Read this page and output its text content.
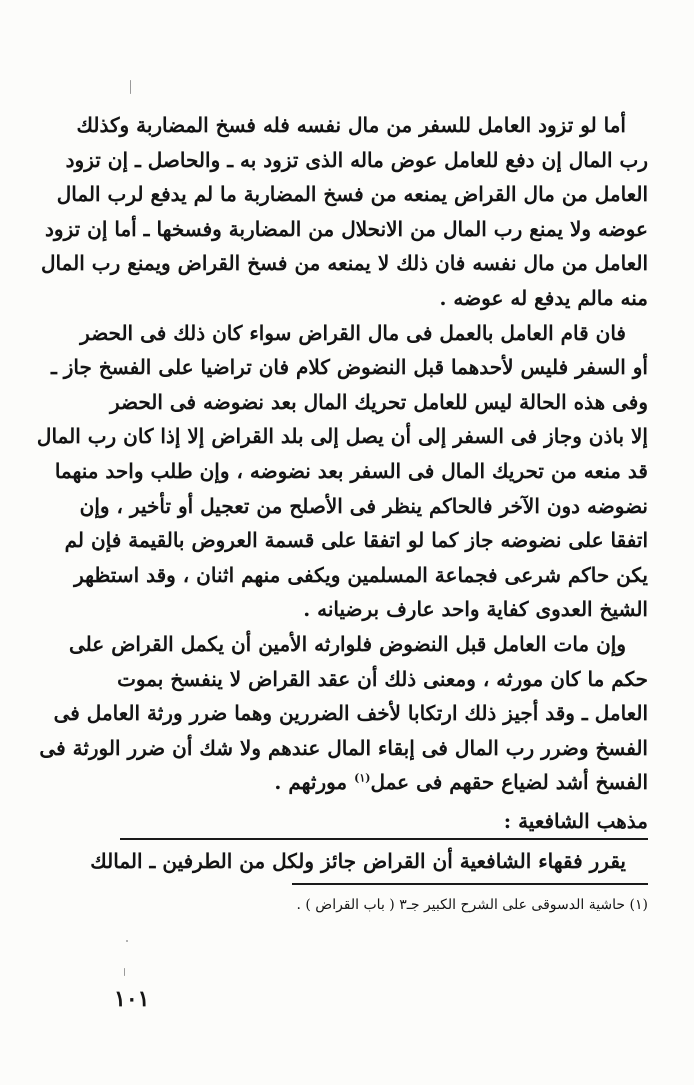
أما لو تزود العامل للسفر من مال نفسه فله فسخ المضاربة وكذلك
رب المال إن دفع للعامل عوض ماله الذى تزود به ـ والحاصل ـ إن تزود
العامل من مال القراض يمنعه من فسخ المضاربة ما لم يدفع لرب المال
عوضه ولا يمنع رب المال من الانحلال من المضاربة وفسخها ـ أما إن تزود
العامل من مال نفسه فان ذلك لا يمنعه من فسخ القراض ويمنع رب المال
منه مالم يدفع له عوضه .
فان قام العامل بالعمل فى مال القراض سواء كان ذلك فى الحضر
أو السفر فليس لأحدهما قبل النضوض كلام فان تراضيا على الفسخ جاز ـ
وفى هذه الحالة ليس للعامل تحريك المال بعد نضوضه فى الحضر
إلا باذن وجاز فى السفر إلى أن يصل إلى بلد القراض إلا إذا كان رب المال
قد منعه من تحريك المال فى السفر بعد نضوضه ، وإن طلب واحد منهما
نضوضه دون الآخر فالحاكم ينظر فى الأصلح من تعجيل أو تأخير ، وإن
اتفقا على نضوضه جاز كما لو اتفقا على قسمة العروض بالقيمة فإن لم
يكن حاكم شرعى فجماعة المسلمين ويكفى منهم اثنان ، وقد استظهر
الشيخ العدوى كفاية واحد عارف برضيانه .
وإن مات العامل قبل النضوض فلوارثه الأمين أن يكمل القراض على
حكم ما كان مورثه ، ومعنى ذلك أن عقد القراض لا ينفسخ بموت
العامل ـ وقد أجيز ذلك ارتكابا لأخف الضررين وهما ضرر ورثة العامل فى
الفسخ وضرر رب المال فى إبقاء المال عندهم ولا شك أن ضرر الورثة فى
الفسخ أشد لضياع حقهم فى عمل$^{(١)}$ مورثهم .
مذهب الشافعية :
يقرر فقهاء الشافعية أن القراض جائز ولكل من الطرفين ـ المالك
(١) حاشية الدسوقى على الشرح الكبير جـ٣ ( باب القراض ) .
١٠١
